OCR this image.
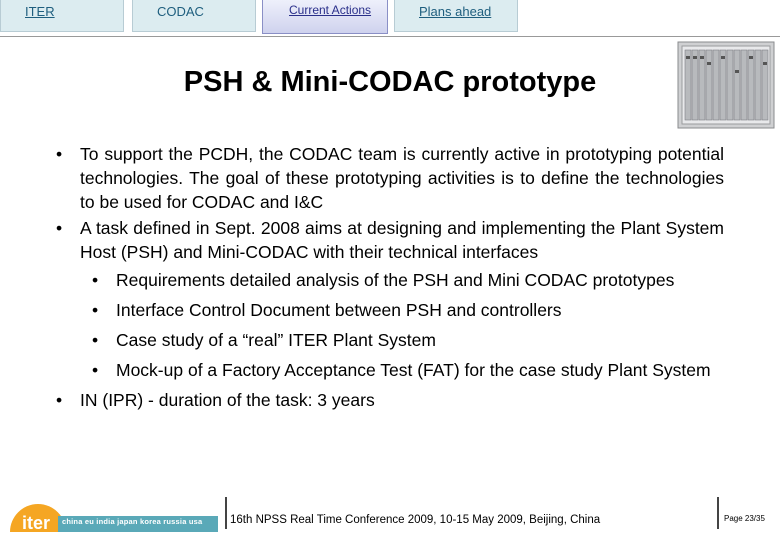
ITER	CODAC	Current Actions	Plans ahead
PSH & Mini-CODAC prototype
• To support the PCDH, the CODAC team is currently active in prototyping potential technologies. The goal of these prototyping activities is to define the technologies to be used for CODAC and I&C
• A task defined in Sept. 2008 aims at designing and implementing the Plant System Host (PSH) and Mini-CODAC with their technical interfaces
• Requirements detailed analysis of the PSH and Mini CODAC prototypes
• Interface Control Document between PSH and controllers
• Case study of a “real” ITER Plant System
• Mock-up of a Factory Acceptance Test (FAT) for the case study Plant System
• IN (IPR) - duration of the task: 3 years
iter china eu india japan korea russia usa 16th NPSS Real Time Conference 2009, 10-15 May 2009, Beijing, China	Page 23/35
